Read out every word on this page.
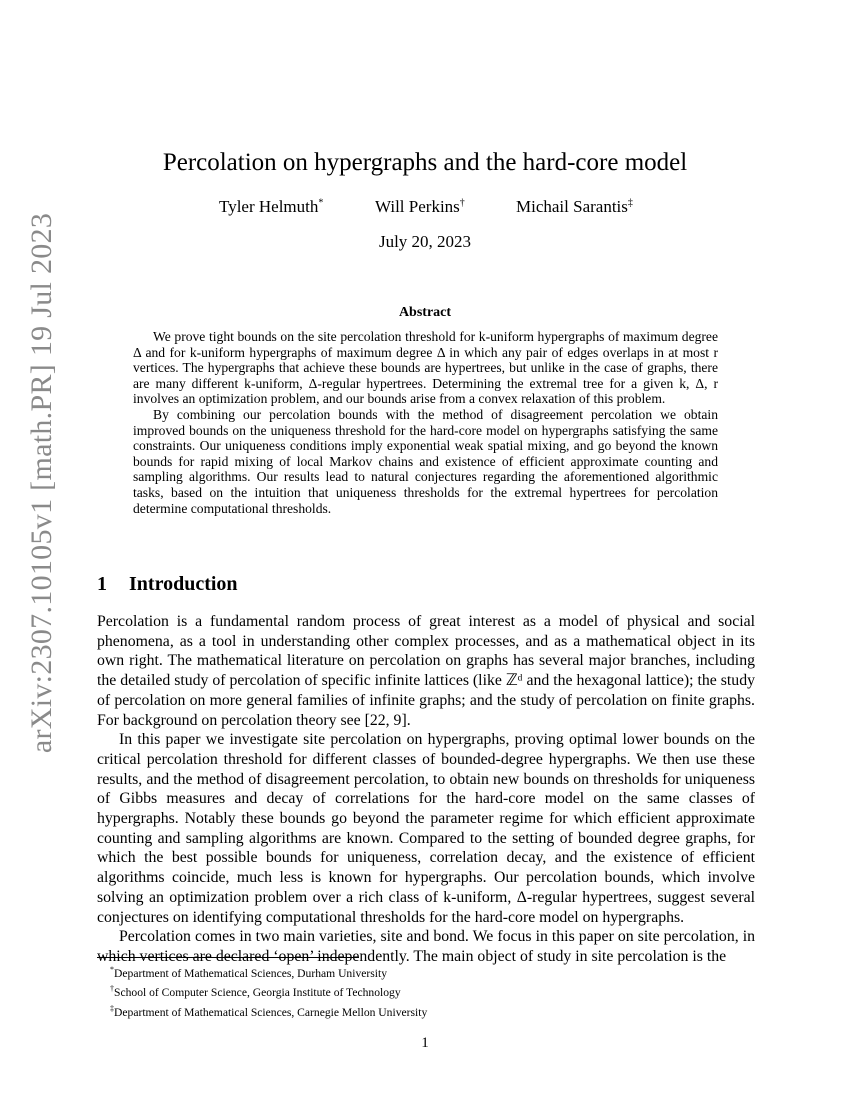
arXiv:2307.10105v1 [math.PR] 19 Jul 2023
Percolation on hypergraphs and the hard-core model
Tyler Helmuth*	Will Perkins†	Michail Sarantis‡
July 20, 2023
Abstract

We prove tight bounds on the site percolation threshold for k-uniform hypergraphs of maximum degree Δ and for k-uniform hypergraphs of maximum degree Δ in which any pair of edges overlaps in at most r vertices. The hypergraphs that achieve these bounds are hypertrees, but unlike in the case of graphs, there are many different k-uniform, Δ-regular hypertrees. Determining the extremal tree for a given k, Δ, r involves an optimization problem, and our bounds arise from a convex relaxation of this problem.

By combining our percolation bounds with the method of disagreement percolation we obtain improved bounds on the uniqueness threshold for the hard-core model on hypergraphs satisfying the same constraints. Our uniqueness conditions imply exponential weak spatial mixing, and go beyond the known bounds for rapid mixing of local Markov chains and existence of efficient approximate counting and sampling algorithms. Our results lead to natural conjectures regarding the aforementioned algorithmic tasks, based on the intuition that uniqueness thresholds for the extremal hypertrees for percolation determine computational thresholds.

1 Introduction

Percolation is a fundamental random process of great interest as a model of physical and social phenomena, as a tool in understanding other complex processes, and as a mathematical object in its own right. The mathematical literature on percolation on graphs has several major branches, including the detailed study of percolation of specific infinite lattices (like ℤᵈ and the hexagonal lattice); the study of percolation on more general families of infinite graphs; and the study of percolation on finite graphs. For background on percolation theory see [22, 9].

In this paper we investigate site percolation on hypergraphs, proving optimal lower bounds on the critical percolation threshold for different classes of bounded-degree hypergraphs. We then use these results, and the method of disagreement percolation, to obtain new bounds on thresholds for uniqueness of Gibbs measures and decay of correlations for the hard-core model on the same classes of hypergraphs. Notably these bounds go beyond the parameter regime for which efficient approximate counting and sampling algorithms are known. Compared to the setting of bounded degree graphs, for which the best possible bounds for uniqueness, correlation decay, and the existence of efficient algorithms coincide, much less is known for hypergraphs. Our percolation bounds, which involve solving an optimization problem over a rich class of k-uniform, Δ-regular hypertrees, suggest several conjectures on identifying computational thresholds for the hard-core model on hypergraphs.

Percolation comes in two main varieties, site and bond. We focus in this paper on site percolation, in which vertices are declared ‘open’ independently. The main object of study in site percolation is the

*Department of Mathematical Sciences, Durham University
†School of Computer Science, Georgia Institute of Technology
‡Department of Mathematical Sciences, Carnegie Mellon University
1
